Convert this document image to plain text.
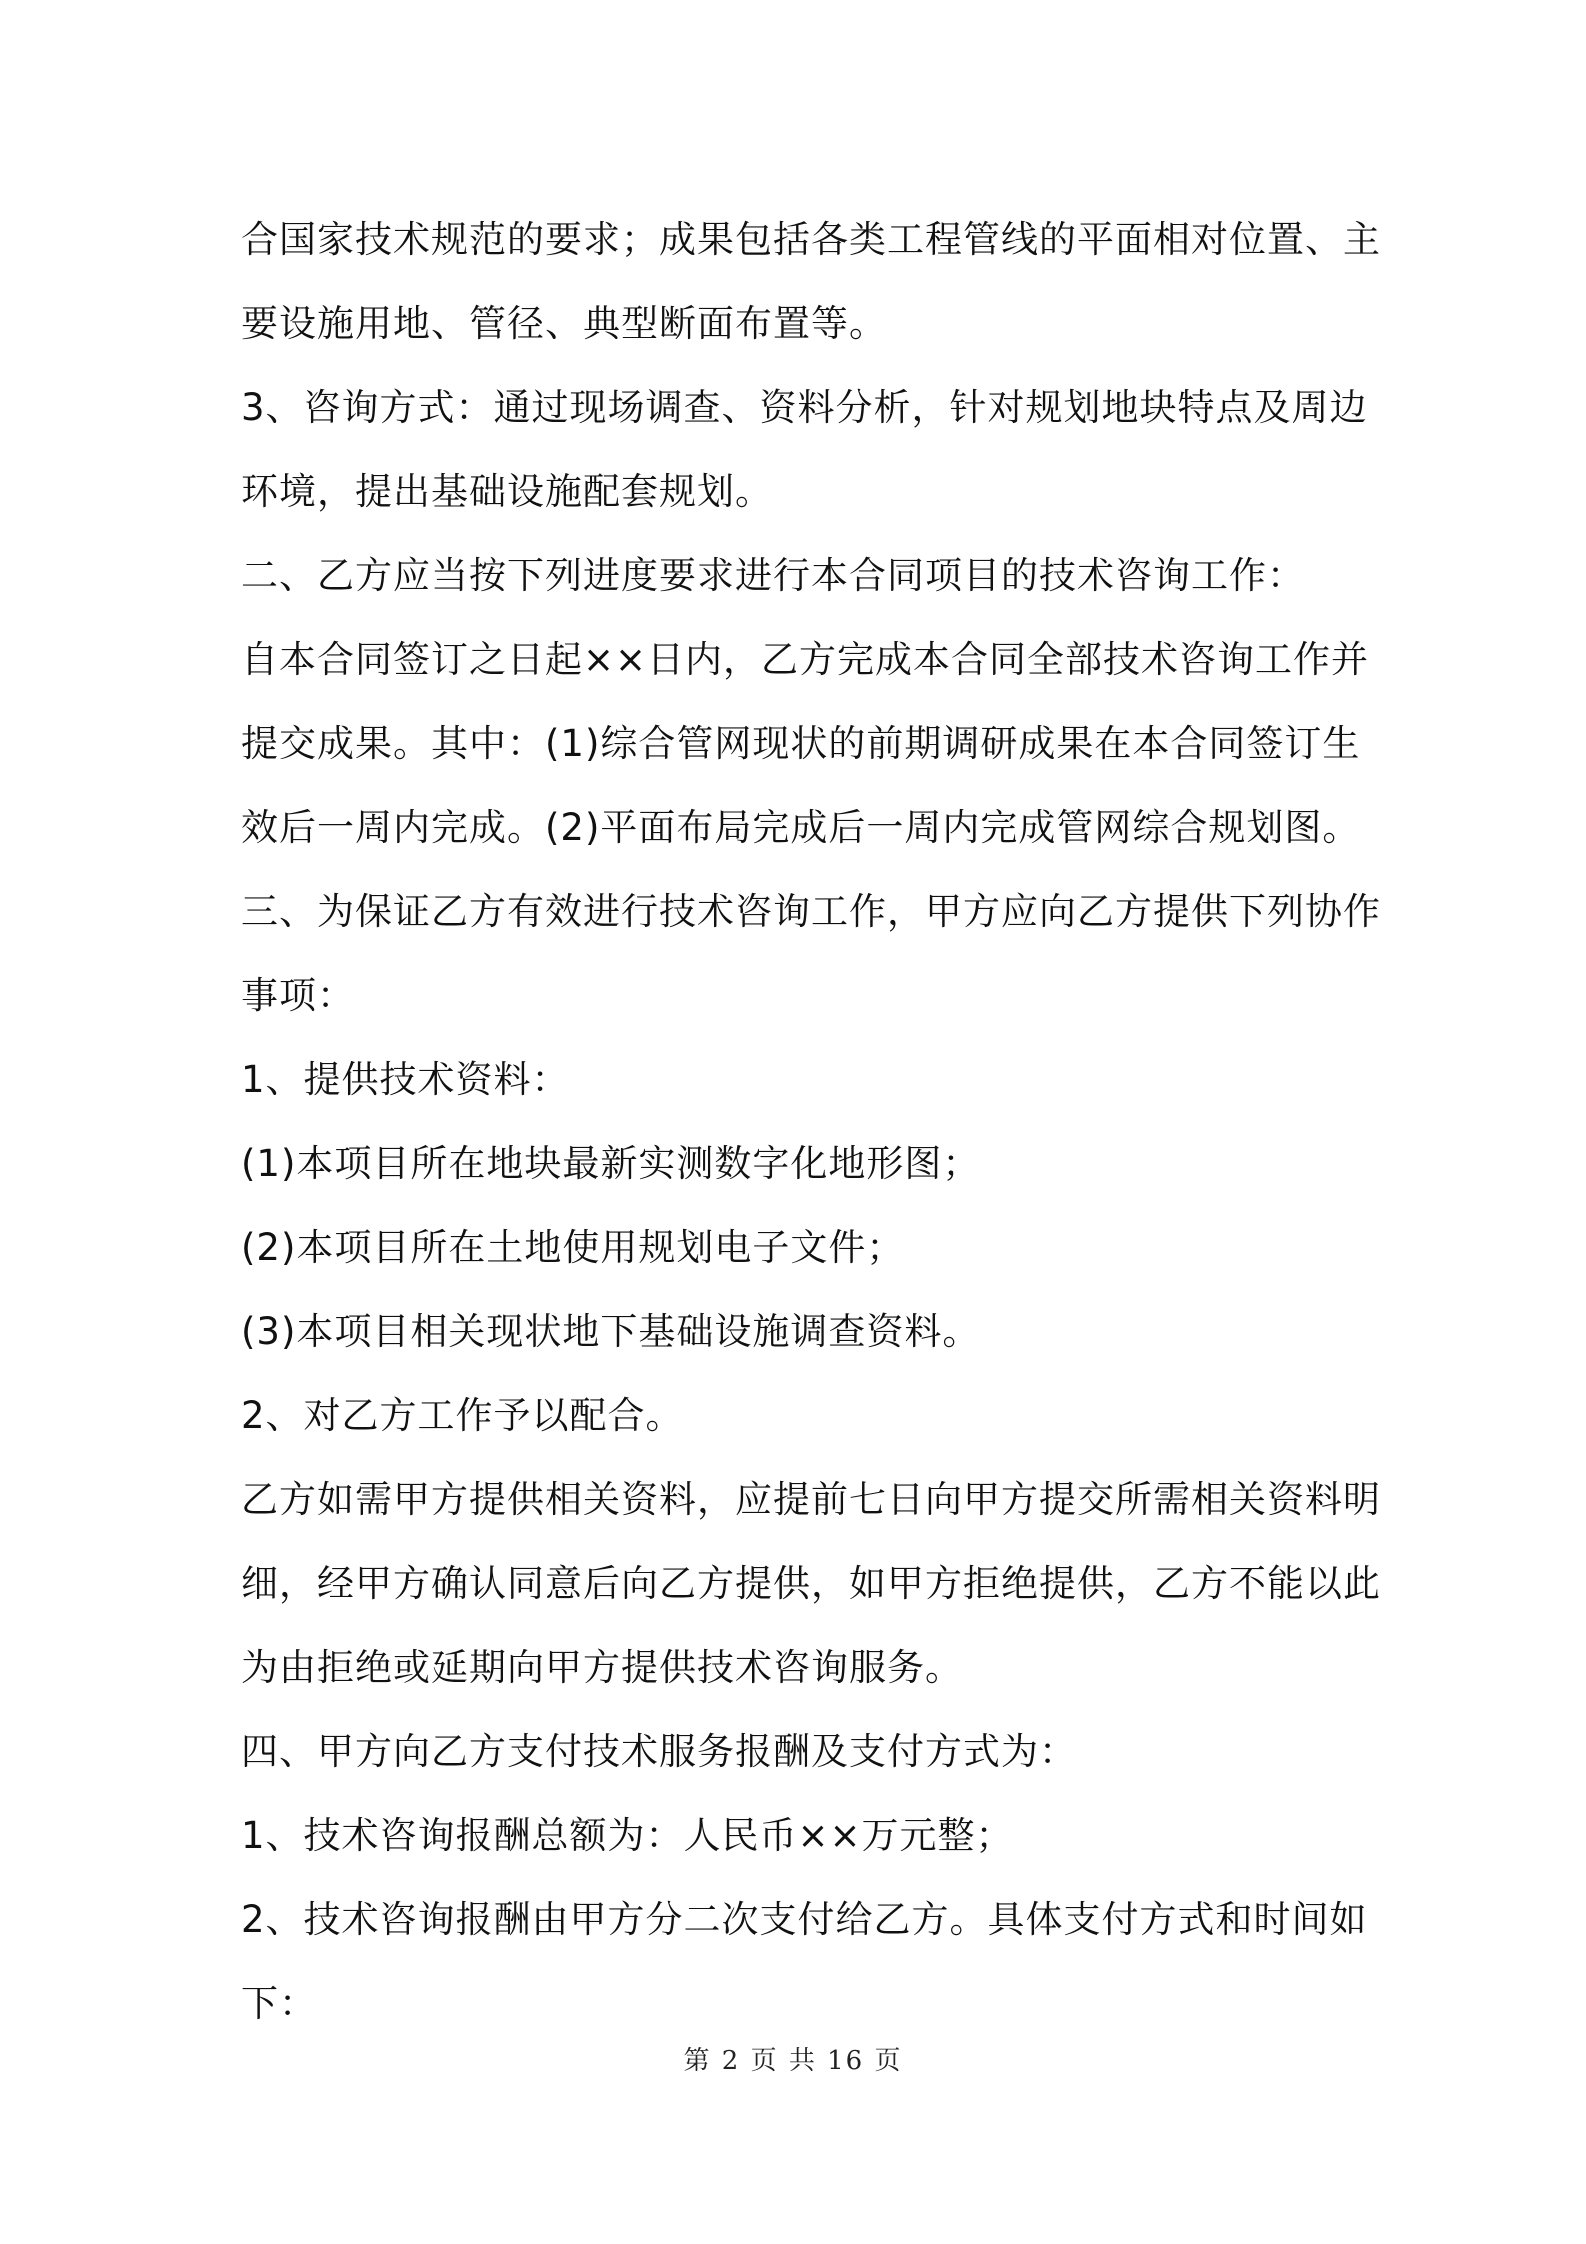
合国家技术规范的要求；成果包括各类工程管线的平面相对位置、主
要设施用地、管径、典型断面布置等。
3、咨询方式：通过现场调查、资料分析，针对规划地块特点及周边
环境，提出基础设施配套规划。
二、乙方应当按下列进度要求进行本合同项目的技术咨询工作：
自本合同签订之日起××日内，乙方完成本合同全部技术咨询工作并
提交成果。其中：(1)综合管网现状的前期调研成果在本合同签订生
效后一周内完成。(2)平面布局完成后一周内完成管网综合规划图。
三、为保证乙方有效进行技术咨询工作，甲方应向乙方提供下列协作
事项：
1、提供技术资料：
(1)本项目所在地块最新实测数字化地形图；
(2)本项目所在土地使用规划电子文件；
(3)本项目相关现状地下基础设施调查资料。
2、对乙方工作予以配合。
乙方如需甲方提供相关资料，应提前七日向甲方提交所需相关资料明
细，经甲方确认同意后向乙方提供，如甲方拒绝提供，乙方不能以此
为由拒绝或延期向甲方提供技术咨询服务。
四、甲方向乙方支付技术服务报酬及支付方式为：
1、技术咨询报酬总额为：人民币××万元整；
2、技术咨询报酬由甲方分二次支付给乙方。具体支付方式和时间如
下：
第 2 页 共 16 页
